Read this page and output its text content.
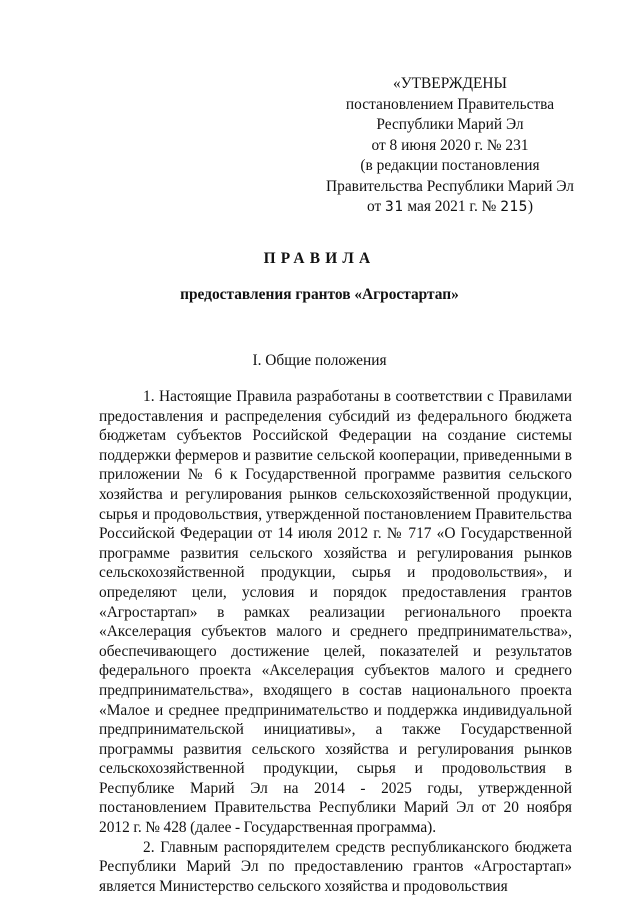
«УТВЕРЖДЕНЫ
постановлением Правительства
Республики Марий Эл
от 8 июня 2020 г. № 231
(в редакции постановления
Правительства Республики Марий Эл
от 31 мая 2021 г. № 215)
ПРАВИЛА
предоставления грантов «Агростартап»
I. Общие положения

1. Настоящие Правила разработаны в соответствии с Правилами предоставления и распределения субсидий из федерального бюджета бюджетам субъектов Российской Федерации на создание системы поддержки фермеров и развитие сельской кооперации, приведенными в приложении № 6 к Государственной программе развития сельского хозяйства и регулирования рынков сельскохозяйственной продукции, сырья и продовольствия, утвержденной постановлением Правительства Российской Федерации от 14 июля 2012 г. № 717 «О Государственной программе развития сельского хозяйства и регулирования рынков сельскохозяйственной продукции, сырья и продовольствия», и определяют цели, условия и порядок предоставления грантов «Агростартап» в рамках реализации регионального проекта «Акселерация субъектов малого и среднего предпринимательства», обеспечивающего достижение целей, показателей и результатов федерального проекта «Акселерация субъектов малого и среднего предпринимательства», входящего в состав национального проекта «Малое и среднее предпринимательство и поддержка индивидуальной предпринимательской инициативы», а также Государственной программы развития сельского хозяйства и регулирования рынков сельскохозяйственной продукции, сырья и продовольствия в Республике Марий Эл на 2014 - 2025 годы, утвержденной постановлением Правительства Республики Марий Эл от 20 ноября 2012 г. № 428 (далее - Государственная программа).

2. Главным распорядителем средств республиканского бюджета Республики Марий Эл по предоставлению грантов «Агростартап» является Министерство сельского хозяйства и продовольствия
